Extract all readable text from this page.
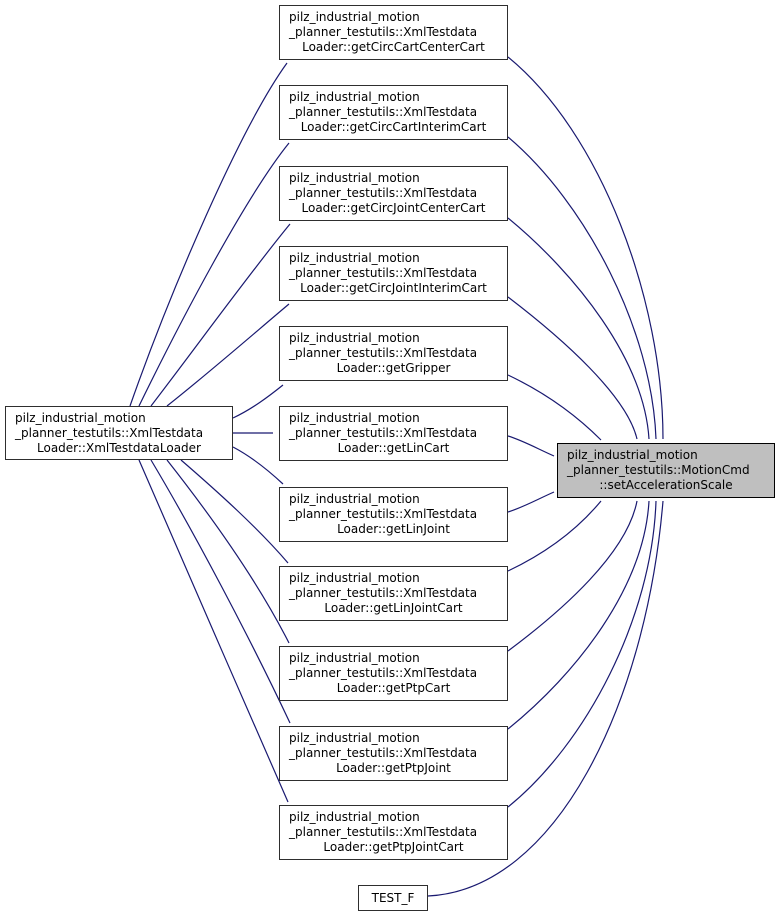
pilz_industrial_motion
_planner_testutils::XmlTestdata
Loader::XmlTestdataLoader
pilz_industrial_motion
_planner_testutils::XmlTestdata
Loader::getCircCartCenterCart
pilz_industrial_motion
_planner_testutils::XmlTestdata
Loader::getCircCartInterimCart
pilz_industrial_motion
_planner_testutils::XmlTestdata
Loader::getCircJointCenterCart
pilz_industrial_motion
_planner_testutils::XmlTestdata
Loader::getCircJointInterimCart
pilz_industrial_motion
_planner_testutils::XmlTestdata
Loader::getGripper
pilz_industrial_motion
_planner_testutils::XmlTestdata
Loader::getLinCart
pilz_industrial_motion
_planner_testutils::XmlTestdata
Loader::getLinJoint
pilz_industrial_motion
_planner_testutils::XmlTestdata
Loader::getLinJointCart
pilz_industrial_motion
_planner_testutils::XmlTestdata
Loader::getPtpCart
pilz_industrial_motion
_planner_testutils::XmlTestdata
Loader::getPtpJoint
pilz_industrial_motion
_planner_testutils::XmlTestdata
Loader::getPtpJointCart
pilz_industrial_motion
_planner_testutils::MotionCmd
::setAccelerationScale
TEST_F
